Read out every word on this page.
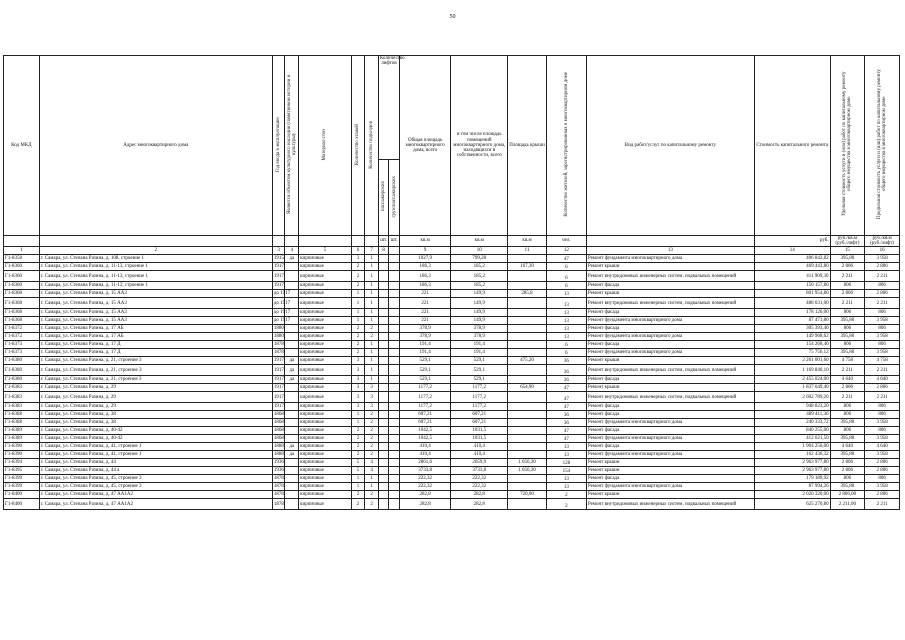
50
Код МКД	Адрес многоквартирного дома	Год ввода в эксплуатацию	Является объектом культурного наследия (памятником истории и культуры)	Материал стен	Количество этажей	Количество подъездов	Количество лифтов		Общая площадь многоквартирного дома, всего	в том числе площадь помещений многоквартирного дома, находящихся в собственности, всего	Площадь крыши	Количество жителей, зарегистрированных в многоквартирном доме	Вид работ/услуг по капитальному ремонту	Стоимость капитального ремонта	Удельная стоимость услуги и (или) работ по капитальному ремонту общего имущества в многоквартирном доме	Предельная стоимость услуги и (или) работ по капитальному ремонту общего имущества в многоквартирном доме
							пассажирских	грузопассажирских								
							шт.	шт.	кв.м	кв.м	кв.м	чел.		руб.	руб./кв.м (руб./лифт)	руб./кв.м (руб./лифт)
1	2	3	4	5	6	7	8		9	10	11	12	13	14	15	16
Г1-8358	г. Самара, ул. Степана Разина, д. 108, строение 1	1915	да	кирпичные	3	1			1027,9	799,28		47	Ремонт фундамента многоквартирного дома	406 842,82	395,80	3 958
Г1-8360	г. Самара, ул. Степана Разина, д. 11-13, строение 1	1917		кирпичные	2	1			186,3	185,2	167,30	6	Ремонт крыши	469 443,80	2 806	2 806
Г1-8360	г. Самара, ул. Степана Разина, д. 11-13, строение 1	1917		кирпичные	2	1			186,3	185,2		6	Ремонт внутридомовых инженерных систем, подвальных помещений	411 909,30	2 211	2 211
Г1-8360	г. Самара, ул. Степана Разина, д. 11-13, строение 1	1917		кирпичные	2	1			186,3	185,2		6	Ремонт фасада	150 157,80	806	806
Г1-8368	г. Самара, ул. Степана Разина, д. 15 АА3	до 1917		кирпичные	1	1			221	149,9	285,8	13	Ремонт крыши	801 954,80	2 806	2 806
Г1-8368	г. Самара, ул. Степана Разина, д. 15 АА3	до 1917		кирпичные	1	1			221	149,9		13	Ремонт внутридомовых инженерных систем, подвальных помещений	488 631,00	2 211	2 211
Г1-8368	г. Самара, ул. Степана Разина, д. 15 АА3	до 1917		кирпичные	1	1			221	149,9		13	Ремонт фасада	178 126,00	806	806
Г1-8368	г. Самара, ул. Степана Разина, д. 15 АА3	до 1917		кирпичные	1	1			221	149,9		13	Ремонт фундамента многоквартирного дома	87 471,80	395,80	3 958
Г1-8372	г. Самара, ул. Степана Разина, д. 17 АБ	1880		кирпичные	2	2			378,9	378,9		13	Ремонт фасада	305 393,40	806	806
Г1-8372	г. Самара, ул. Степана Разина, д. 17 АБ	1880		кирпичные	2	2			378,9	378,9		13	Ремонт фундамента многоквартирного дома	149 968,62	395,80	3 958
Г1-8373	г. Самара, ул. Степана Разина, д. 17 Д	1878		кирпичные	2	1			191,4	191,4		6	Ремонт фасада	154 268,40	806	806
Г1-8373	г. Самара, ул. Степана Разина, д. 17 Д	1878		кирпичные	2	1			191,4	191,4		6	Ремонт фундамента многоквартирного дома	75 756,12	395,80	3 958
Г1-8380	г. Самара, ул. Степана Разина, д. 21, строение 3	1917	да	кирпичные	3	1			529,1	529,1	475,20	36	Ремонт крыши	2 261 001,60	4 758	4 758
Г1-8380	г. Самара, ул. Степана Разина, д. 21, строение 3	1917	да	кирпичные	3	1			529,1	529,1		36	Ремонт внутридомовых инженерных систем, подвальных помещений	1 169 840,10	2 211	2 211
Г1-8380	г. Самара, ул. Степана Разина, д. 21, строение 3	1917	да	кирпичные	3	1			529,1	529,1		36	Ремонт фасада	2 455 024,00	4 640	4 640
Г1-8383	г. Самара, ул. Степана Разина, д. 29	1917		кирпичные	3	3			1177,2	1177,2	654,90	47	Ремонт крыши	1 837 649,40	2 806	2 806
Г1-8383	г. Самара, ул. Степана Разина, д. 29	1917		кирпичные	3	3			1177,2	1177,2		47	Ремонт внутридомовых инженерных систем, подвальных помещений	2 602 789,20	2 211	2 211
Г1-8383	г. Самара, ул. Степана Разина, д. 29	1917		кирпичные	3	3			1177,2	1177,2		47	Ремонт фасада	948 823,20	806	806
Г1-8388	г. Самара, ул. Степана Разина, д. 38	1868		кирпичные	1	2			607,21	607,21		36	Ремонт фасада	489 411,36	806	806
Г1-8388	г. Самара, ул. Степана Разина, д. 38	1868		кирпичные	1	2			607,21	607,21		36	Ремонт фундамента многоквартирного дома	240 333,72	395,80	3 958
Г1-8389	г. Самара, ул. Степана Разина, д. 40-42	1868		кирпичные	2	2			1042,5	1031,5		47	Ремонт фасада	840 255,00	806	806
Г1-8389	г. Самара, ул. Степана Разина, д. 40-42	1868		кирпичные	2	2			1042,5	1031,5		47	Ремонт фундамента многоквартирного дома	412 621,50	395,80	3 958
Г1-8390	г. Самара, ул. Степана Разина, д. 41, строение 1	1888	да	кирпичные	2	2			410,4	410,4		13	Ремонт фасада	1 904 256,00	4 640	4 640
Г1-8390	г. Самара, ул. Степана Разина, д. 41, строение 1	1888	да	кирпичные	2	2			410,4	410,4		13	Ремонт фундамента многоквартирного дома	162 436,32	395,80	3 958
Г1-8394	г. Самара, ул. Степана Разина, д. 44	1936		кирпичные	5	4			2861,6	2659,9	1 056,30	128	Ремонт крыши	2 963 977,80	2 806	2 806
Г1-8395	г. Самара, ул. Степана Разина, д. 44 а	1936		кирпичные	5	4			3733,8	3733,8	1 056,30	154	Ремонт крыши	2 963 977,80	2 806	2 806
Г1-8399	г. Самара, ул. Степана Разина, д. 45, строение 3	1878		кирпичные	1	1			222,32	222,32		13	Ремонт фасада	179 189,92	806	806
Г1-8399	г. Самара, ул. Степана Разина, д. 45, строение 3	1878		кирпичные	1	1			222,32	222,32		13	Ремонт фундамента многоквартирного дома	87 994,26	395,80	3 958
Г1-8400	г. Самара, ул. Степана Разина, д. 47 АА1А2	1878		кирпичные	2	2			282,8	282,8	720,00	2	Ремонт крыши	2 020 320,00	2 806,00	2 806
Г1-8400	г. Самара, ул. Степана Разина, д. 47 АА1А2	1878		кирпичные	2	2			282,8	282,8		2	Ремонт внутридомовых инженерных систем, подвальных помещений	625 270,80	2 211,00	2 211
